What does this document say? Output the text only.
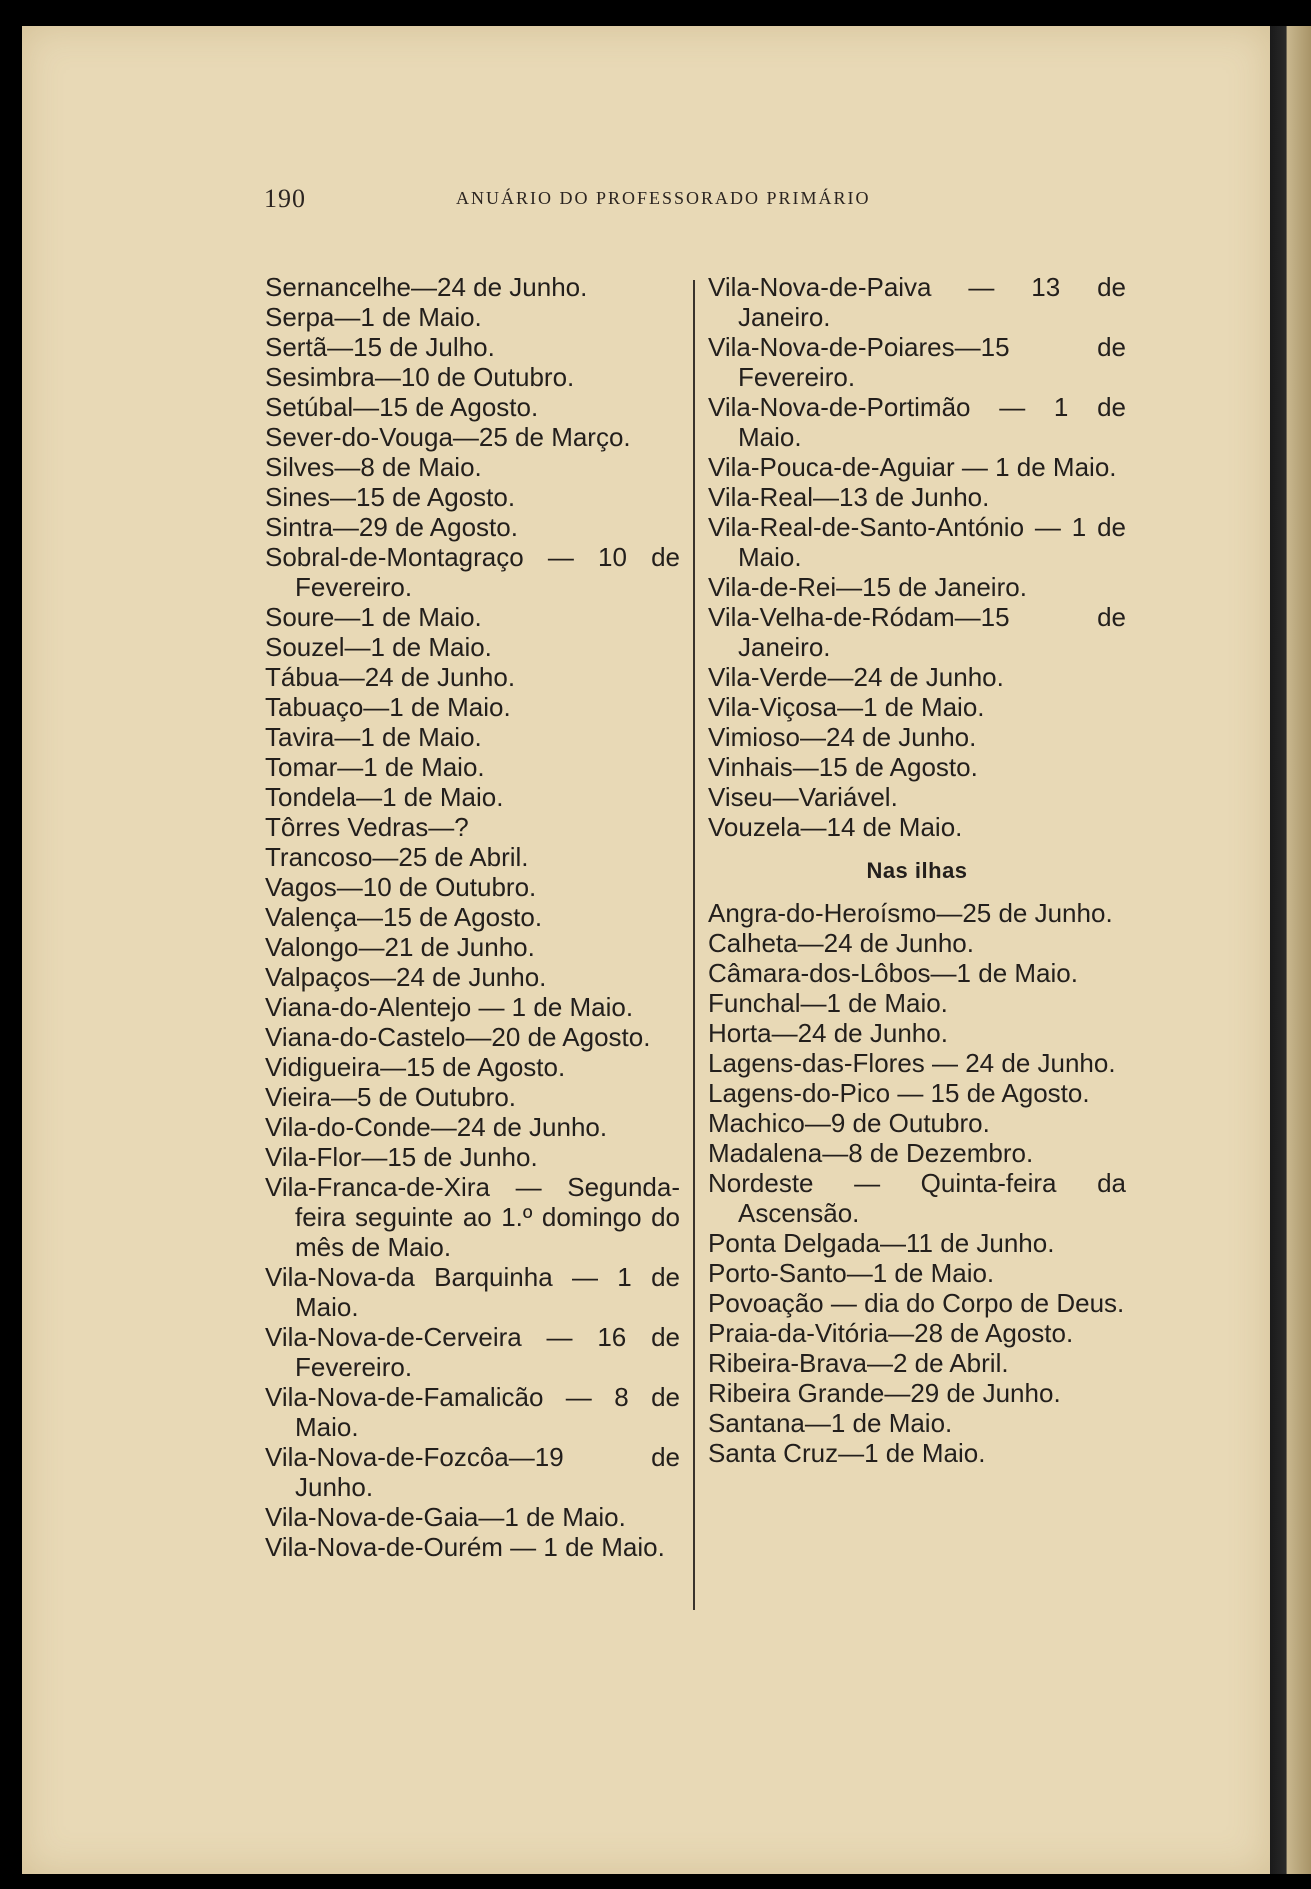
190	ANUÁRIO DO PROFESSORADO PRIMÁRIO

Sernancelhe—24 de Junho.

Serpa—1 de Maio.

Sertã—15 de Julho.

Sesimbra—10 de Outubro.

Setúbal—15 de Agosto.

Sever-do-Vouga—25 de Março.

Silves—8 de Maio.

Sines—15 de Agosto.

Sintra—29 de Agosto.

Sobral-de-Montagraço — 10 de Fevereiro.

Soure—1 de Maio.

Souzel—1 de Maio.

Tábua—24 de Junho.

Tabuaço—1 de Maio.

Tavira—1 de Maio.

Tomar—1 de Maio.

Tondela—1 de Maio.

Tôrres Vedras—?

Trancoso—25 de Abril.

Vagos—10 de Outubro.

Valença—15 de Agosto.

Valongo—21 de Junho.

Valpaços—24 de Junho.

Viana-do-Alentejo — 1 de Maio.

Viana-do-Castelo—20 de Agosto.

Vidigueira—15 de Agosto.

Vieira—5 de Outubro.

Vila-do-Conde—24 de Junho.

Vila-Flor—15 de Junho.

Vila-Franca-de-Xira — Segunda-feira seguinte ao 1.º domingo do mês de Maio.

Vila-Nova-da Barquinha — 1 de Maio.

Vila-Nova-de-Cerveira — 16 de Fevereiro.

Vila-Nova-de-Famalicão — 8 de Maio.

Vila-Nova-de-Fozcôa—19 de Junho.

Vila-Nova-de-Gaia—1 de Maio.

Vila-Nova-de-Ourém — 1 de Maio.

Vila-Nova-de-Paiva — 13 de Janeiro.

Vila-Nova-de-Poiares—15 de Fevereiro.

Vila-Nova-de-Portimão — 1 de Maio.

Vila-Pouca-de-Aguiar — 1 de Maio.

Vila-Real—13 de Junho.

Vila-Real-de-Santo-António — 1 de Maio.

Vila-de-Rei—15 de Janeiro.

Vila-Velha-de-Ródam—15 de Janeiro.

Vila-Verde—24 de Junho.

Vila-Viçosa—1 de Maio.

Vimioso—24 de Junho.

Vinhais—15 de Agosto.

Viseu—Variável.

Vouzela—14 de Maio.

Nas ilhas

Angra-do-Heroísmo—25 de Junho.

Calheta—24 de Junho.

Câmara-dos-Lôbos—1 de Maio.

Funchal—1 de Maio.

Horta—24 de Junho.

Lagens-das-Flores — 24 de Junho.

Lagens-do-Pico — 15 de Agosto.

Machico—9 de Outubro.

Madalena—8 de Dezembro.

Nordeste — Quinta-feira da Ascensão.

Ponta Delgada—11 de Junho.

Porto-Santo—1 de Maio.

Povoação — dia do Corpo de Deus.

Praia-da-Vitória—28 de Agosto.

Ribeira-Brava—2 de Abril.

Ribeira Grande—29 de Junho.

Santana—1 de Maio.

Santa Cruz—1 de Maio.
